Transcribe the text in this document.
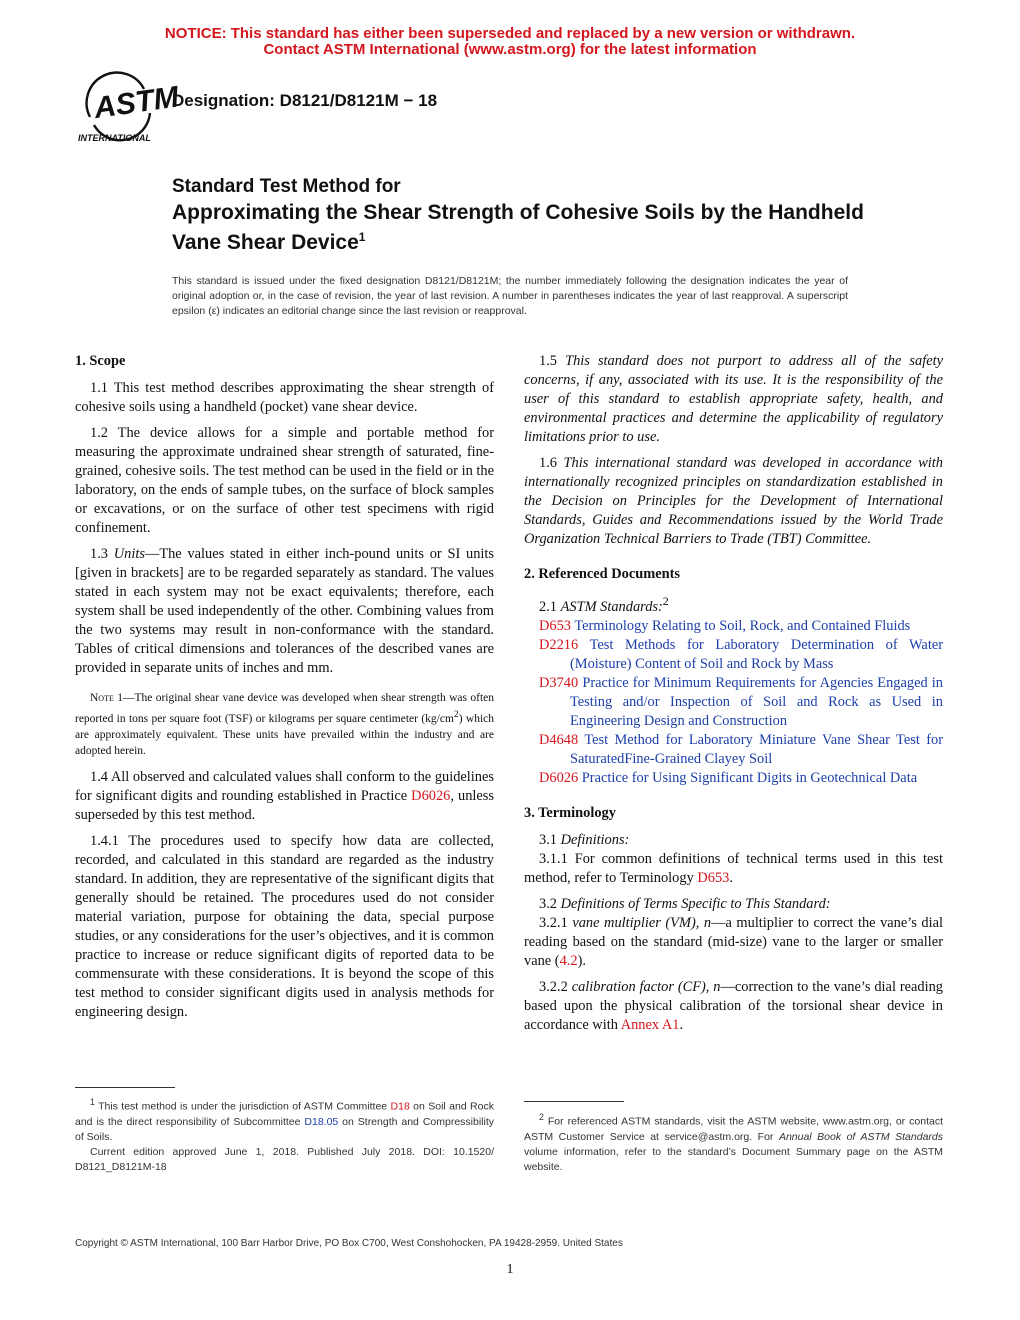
NOTICE: This standard has either been superseded and replaced by a new version or withdrawn.
Contact ASTM International (www.astm.org) for the latest information
ASTM
INTERNATIONAL
Designation: D8121/D8121M − 18
Standard Test Method for
Approximating the Shear Strength of Cohesive Soils by the Handheld Vane Shear Device$^1$
This standard is issued under the fixed designation D8121/D8121M; the number immediately following the designation indicates the year of original adoption or, in the case of revision, the year of last revision. A number in parentheses indicates the year of last reapproval. A superscript epsilon (ε) indicates an editorial change since the last revision or reapproval.
1. Scope

1.1 This test method describes approximating the shear strength of cohesive soils using a handheld (pocket) vane shear device.

1.2 The device allows for a simple and portable method for measuring the approximate undrained shear strength of saturated, fine-grained, cohesive soils. The test method can be used in the field or in the laboratory, on the ends of sample tubes, on the surface of block samples or excavations, or on the surface of other test specimens with rigid confinement.

1.3 Units—The values stated in either inch-pound units or SI units [given in brackets] are to be regarded separately as standard. The values stated in each system may not be exact equivalents; therefore, each system shall be used independently of the other. Combining values from the two systems may result in non-conformance with the standard. Tables of critical dimensions and tolerances of the described vanes are provided in separate units of inches and mm.

Note 1—The original shear vane device was developed when shear strength was often reported in tons per square foot (TSF) or kilograms per square centimeter $(kg/cm^2)$ which are approximately equivalent. These units have prevailed within the industry and are adopted herein.

1.4 All observed and calculated values shall conform to the guidelines for significant digits and rounding established in Practice D6026, unless superseded by this test method.

1.4.1 The procedures used to specify how data are collected, recorded, and calculated in this standard are regarded as the industry standard. In addition, they are representative of the significant digits that generally should be retained. The procedures used do not consider material variation, purpose for obtaining the data, special purpose studies, or any considerations for the user’s objectives, and it is common practice to increase or reduce significant digits of reported data to be commensurate with these considerations. It is beyond the scope of this test method to consider significant digits used in analysis methods for engineering design.

1.5 This standard does not purport to address all of the safety concerns, if any, associated with its use. It is the responsibility of the user of this standard to establish appropriate safety, health, and environmental practices and determine the applicability of regulatory limitations prior to use.

1.6 This international standard was developed in accordance with internationally recognized principles on standardization established in the Decision on Principles for the Development of International Standards, Guides and Recommendations issued by the World Trade Organization Technical Barriers to Trade (TBT) Committee.

2. Referenced Documents

2.1 ASTM Standards:$^2$

D653 Terminology Relating to Soil, Rock, and Contained Fluids
D2216 Test Methods for Laboratory Determination of Water (Moisture) Content of Soil and Rock by Mass
D3740 Practice for Minimum Requirements for Agencies Engaged in Testing and/or Inspection of Soil and Rock as Used in Engineering Design and Construction
D4648 Test Method for Laboratory Miniature Vane Shear Test for SaturatedFine-Grained Clayey Soil
D6026 Practice for Using Significant Digits in Geotechnical Data
3. Terminology

3.1 Definitions:

3.1.1 For common definitions of technical terms used in this test method, refer to Terminology D653.

3.2 Definitions of Terms Specific to This Standard:

3.2.1 vane multiplier (VM), n—a multiplier to correct the vane’s dial reading based on the standard (mid-size) vane to the larger or smaller vane (4.2).

3.2.2 calibration factor (CF), n—correction to the vane’s dial reading based upon the physical calibration of the torsional shear device in accordance with Annex A1.

$^1$ This test method is under the jurisdiction of ASTM Committee D18 on Soil and Rock and is the direct responsibility of Subcommittee D18.05 on Strength and Compressibility of Soils.

Current edition approved June 1, 2018. Published July 2018. DOI: 10.1520/ D8121_D8121M-18

$^2$ For referenced ASTM standards, visit the ASTM website, www.astm.org, or contact ASTM Customer Service at service@astm.org. For Annual Book of ASTM Standards volume information, refer to the standard’s Document Summary page on the ASTM website.

Copyright © ASTM International, 100 Barr Harbor Drive, PO Box C700, West Conshohocken, PA 19428-2959. United States
1
